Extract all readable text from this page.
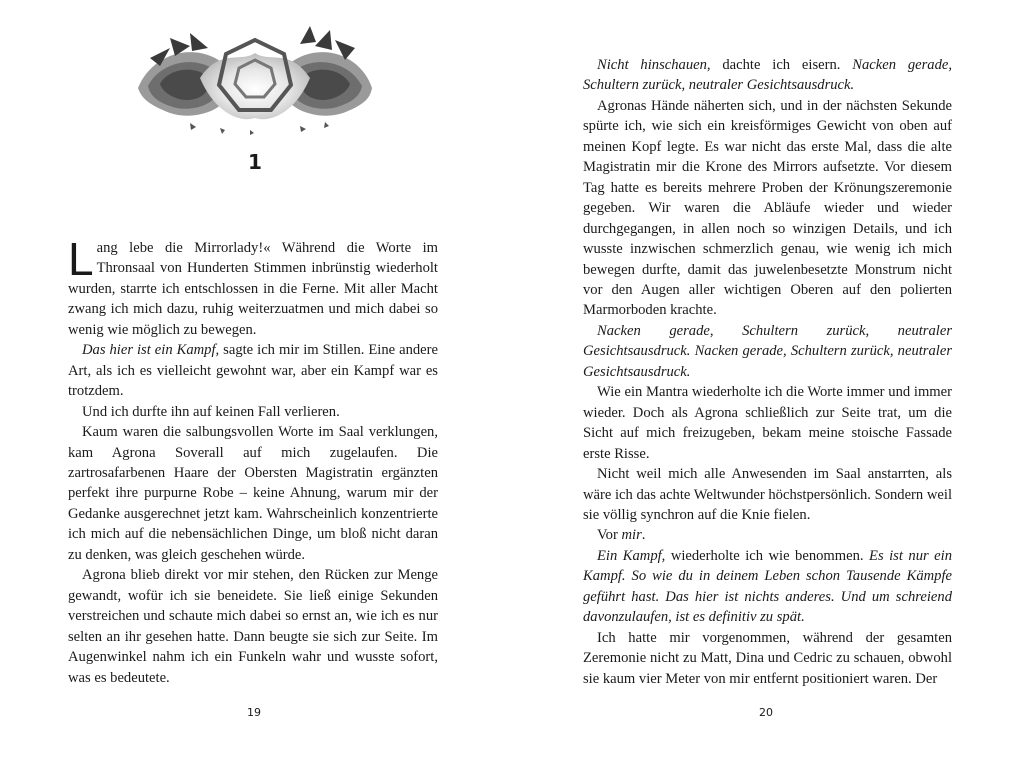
1

Lang lebe die Mirrorlady!« Während die Worte im Thronsaal von Hunderten Stimmen inbrünstig wiederholt wurden, starrte ich entschlossen in die Ferne. Mit aller Macht zwang ich mich dazu, ruhig weiterzuatmen und mich dabei so wenig wie möglich zu bewegen.

Das hier ist ein Kampf, sagte ich mir im Stillen. Eine andere Art, als ich es vielleicht gewohnt war, aber ein Kampf war es trotzdem.

Und ich durfte ihn auf keinen Fall verlieren.

Kaum waren die salbungsvollen Worte im Saal verklungen, kam Agrona Soverall auf mich zugelaufen. Die zartrosafarbenen Haare der Obersten Magistratin ergänzten perfekt ihre purpurne Robe – keine Ahnung, warum mir der Gedanke ausgerechnet jetzt kam. Wahrscheinlich konzentrierte ich mich auf die nebensächlichen Dinge, um bloß nicht daran zu denken, was gleich geschehen würde.

Agrona blieb direkt vor mir stehen, den Rücken zur Menge gewandt, wofür ich sie beneidete. Sie ließ einige Sekunden verstreichen und schaute mich dabei so ernst an, wie ich es nur selten an ihr gesehen hatte. Dann beugte sie sich zur Seite. Im Augenwinkel nahm ich ein Funkeln wahr und wusste sofort, was es bedeutete.

19

Nicht hinschauen, dachte ich eisern. Nacken gerade, Schultern zurück, neutraler Gesichtsausdruck.

Agronas Hände näherten sich, und in der nächsten Sekunde spürte ich, wie sich ein kreisförmiges Gewicht von oben auf meinen Kopf legte. Es war nicht das erste Mal, dass die alte Magistratin mir die Krone des Mirrors aufsetzte. Vor diesem Tag hatte es bereits mehrere Proben der Krönungszeremonie gegeben. Wir waren die Abläufe wieder und wieder durchgegangen, in allen noch so winzigen Details, und ich wusste inzwischen schmerzlich genau, wie wenig ich mich bewegen durfte, damit das juwelenbesetzte Monstrum nicht vor den Augen aller wichtigen Oberen auf den polierten Marmorboden krachte.

Nacken gerade, Schultern zurück, neutraler Gesichtsausdruck. Nacken gerade, Schultern zurück, neutraler Gesichtsausdruck.

Wie ein Mantra wiederholte ich die Worte immer und immer wieder. Doch als Agrona schließlich zur Seite trat, um die Sicht auf mich freizugeben, bekam meine stoische Fassade erste Risse.

Nicht weil mich alle Anwesenden im Saal anstarrten, als wäre ich das achte Weltwunder höchstpersönlich. Sondern weil sie völlig synchron auf die Knie fielen.

Vor mir.

Ein Kampf, wiederholte ich wie benommen. Es ist nur ein Kampf. So wie du in deinem Leben schon Tausende Kämpfe geführt hast. Das hier ist nichts anderes. Und um schreiend davonzulaufen, ist es definitiv zu spät.

Ich hatte mir vorgenommen, während der gesamten Zeremonie nicht zu Matt, Dina und Cedric zu schauen, obwohl sie kaum vier Meter von mir entfernt positioniert waren. Der

20
